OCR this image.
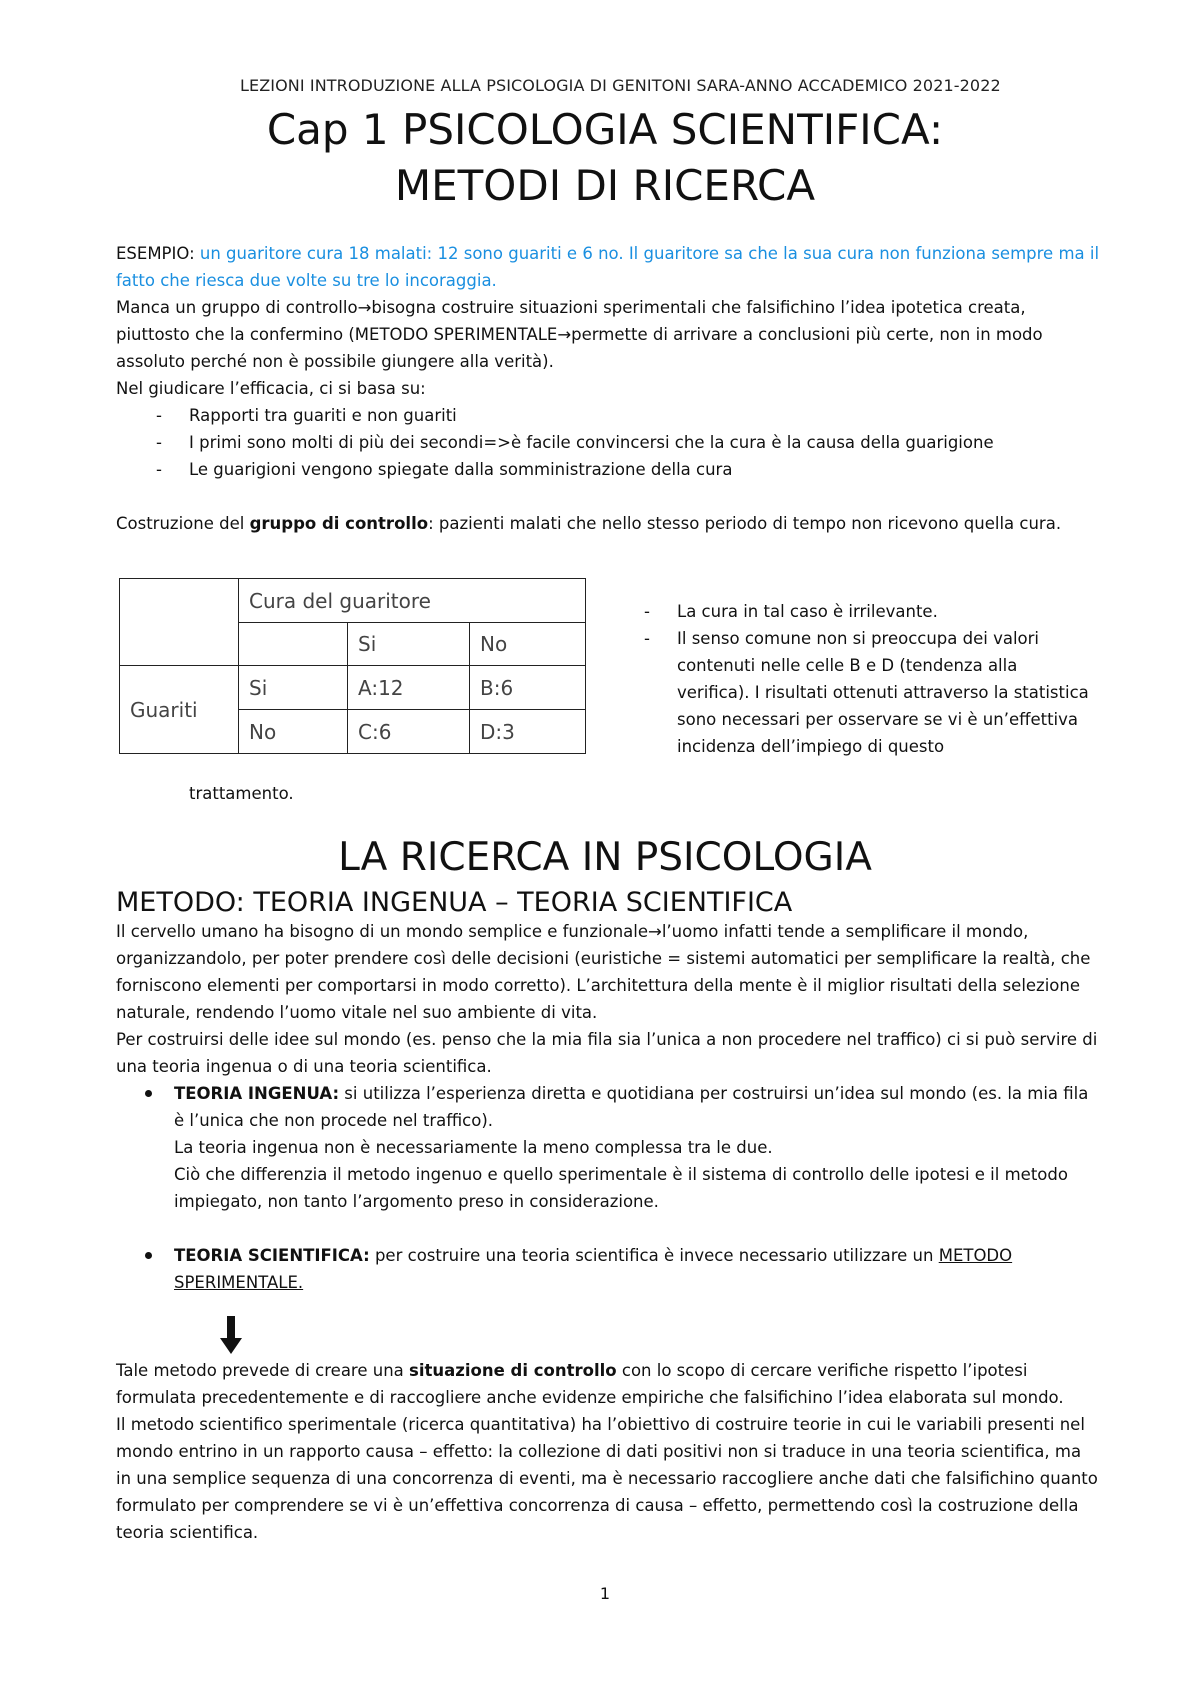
LEZIONI INTRODUZIONE ALLA PSICOLOGIA DI GENITONI SARA-ANNO ACCADEMICO 2021-2022
Cap 1 PSICOLOGIA SCIENTIFICA:
METODI DI RICERCA
ESEMPIO: un guaritore cura 18 malati: 12 sono guariti e 6 no. Il guaritore sa che la sua cura non funziona sempre ma il fatto che riesca due volte su tre lo incoraggia.
Manca un gruppo di controllo→bisogna costruire situazioni sperimentali che falsifichino l’idea ipotetica creata, piuttosto che la confermino (METODO SPERIMENTALE→permette di arrivare a conclusioni più certe, non in modo assoluto perché non è possibile giungere alla verità).
Nel giudicare l’efficacia, ci si basa su:
- Rapporti tra guariti e non guariti
- I primi sono molti di più dei secondi=>è facile convincersi che la cura è la causa della guarigione
- Le guarigioni vengono spiegate dalla somministrazione della cura
Costruzione del gruppo di controllo: pazienti malati che nello stesso periodo di tempo non ricevono quella cura.
	Cura del guaritore		
		Si	No
Guariti	Si	A:12	B:6
	No	C:6	D:3
- La cura in tal caso è irrilevante.
- Il senso comune non si preoccupa dei valori contenuti nelle celle B e D (tendenza alla verifica). I risultati ottenuti attraverso la statistica sono necessari per osservare se vi è un’effettiva incidenza dell’impiego di questo
trattamento.
LA RICERCA IN PSICOLOGIA
METODO: TEORIA INGENUA – TEORIA SCIENTIFICA
Il cervello umano ha bisogno di un mondo semplice e funzionale→l’uomo infatti tende a semplificare il mondo, organizzandolo, per poter prendere così delle decisioni (euristiche = sistemi automatici per semplificare la realtà, che forniscono elementi per comportarsi in modo corretto). L’architettura della mente è il miglior risultati della selezione naturale, rendendo l’uomo vitale nel suo ambiente di vita.
Per costruirsi delle idee sul mondo (es. penso che la mia fila sia l’unica a non procedere nel traffico) ci si può servire di una teoria ingenua o di una teoria scientifica.
TEORIA INGENUA: si utilizza l’esperienza diretta e quotidiana per costruirsi un’idea sul mondo (es. la mia fila è l’unica che non procede nel traffico).
La teoria ingenua non è necessariamente la meno complessa tra le due.
Ciò che differenzia il metodo ingenuo e quello sperimentale è il sistema di controllo delle ipotesi e il metodo impiegato, non tanto l’argomento preso in considerazione.
TEORIA SCIENTIFICA: per costruire una teoria scientifica è invece necessario utilizzare un METODO SPERIMENTALE.
Tale metodo prevede di creare una situazione di controllo con lo scopo di cercare verifiche rispetto l’ipotesi formulata precedentemente e di raccogliere anche evidenze empiriche che falsifichino l’idea elaborata sul mondo.
Il metodo scientifico sperimentale (ricerca quantitativa) ha l’obiettivo di costruire teorie in cui le variabili presenti nel mondo entrino in un rapporto causa – effetto: la collezione di dati positivi non si traduce in una teoria scientifica, ma in una semplice sequenza di una concorrenza di eventi, ma è necessario raccogliere anche dati che falsifichino quanto formulato per comprendere se vi è un’effettiva concorrenza di causa – effetto, permettendo così la costruzione della teoria scientifica.
1
